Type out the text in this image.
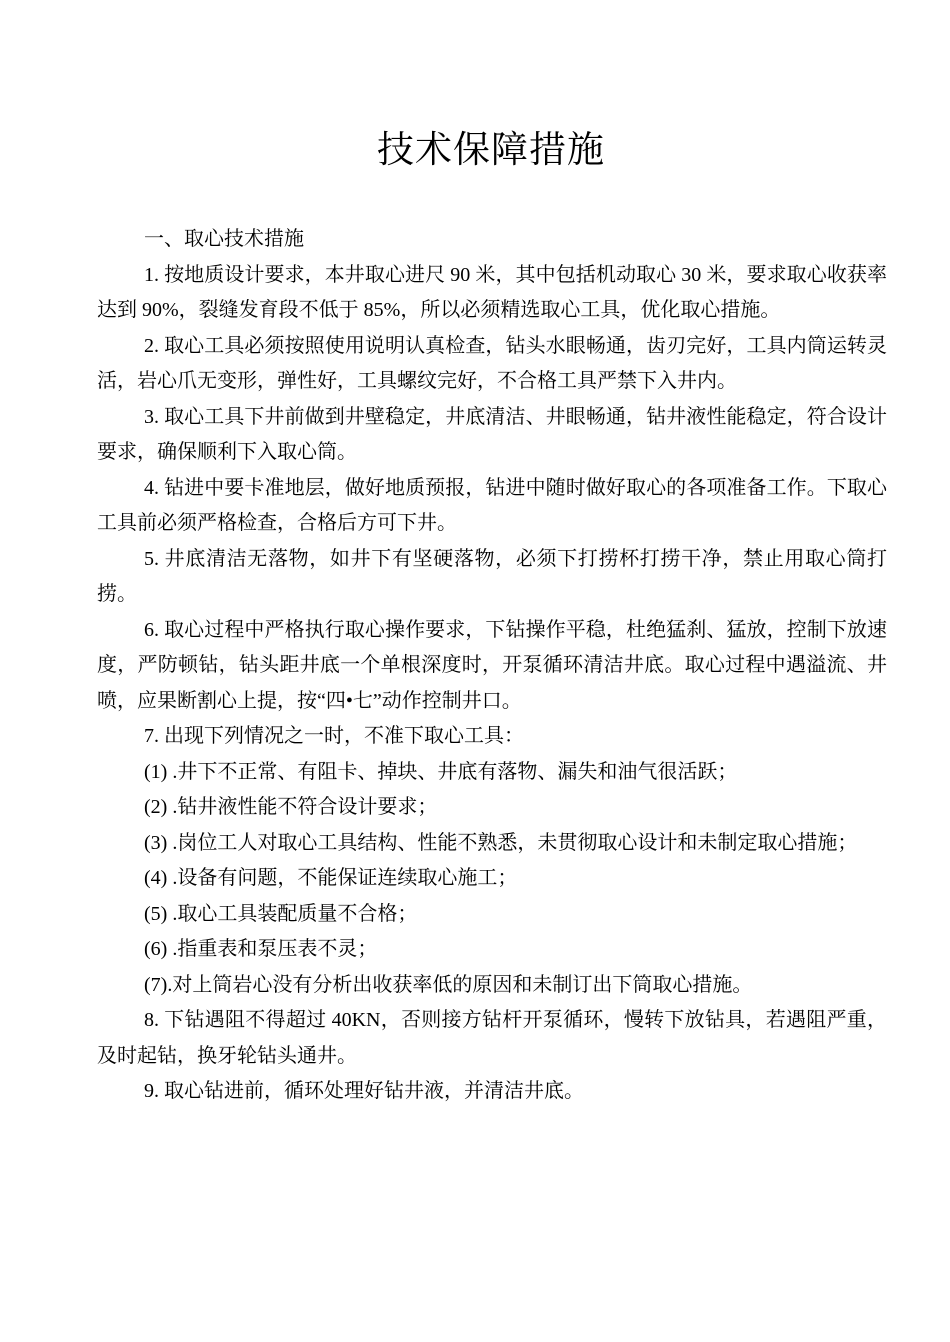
技术保障措施

一、取心技术措施

1. 按地质设计要求，本井取心进尺 90 米，其中包括机动取心 30 米，要求取心收获率达到 90%，裂缝发育段不低于 85%，所以必须精选取心工具，优化取心措施。

2. 取心工具必须按照使用说明认真检查，钻头水眼畅通，齿刃完好，工具内筒运转灵活，岩心爪无变形，弹性好，工具螺纹完好，不合格工具严禁下入井内。

3. 取心工具下井前做到井壁稳定，井底清洁、井眼畅通，钻井液性能稳定，符合设计要求，确保顺利下入取心筒。

4. 钻进中要卡准地层，做好地质预报，钻进中随时做好取心的各项准备工作。下取心工具前必须严格检查，合格后方可下井。

5. 井底清洁无落物，如井下有坚硬落物，必须下打捞杯打捞干净，禁止用取心筒打捞。

6. 取心过程中严格执行取心操作要求，下钻操作平稳，杜绝猛刹、猛放，控制下放速度，严防顿钻，钻头距井底一个单根深度时，开泵循环清洁井底。取心过程中遇溢流、井喷，应果断割心上提，按“四•七”动作控制井口。

7. 出现下列情况之一时，不准下取心工具：

(1) .井下不正常、有阻卡、掉块、井底有落物、漏失和油气很活跃；

(2) .钻井液性能不符合设计要求；

(3) .岗位工人对取心工具结构、性能不熟悉，未贯彻取心设计和未制定取心措施；

(4) .设备有问题，不能保证连续取心施工；

(5) .取心工具装配质量不合格；

(6) .指重表和泵压表不灵；

(7).对上筒岩心没有分析出收获率低的原因和未制订出下筒取心措施。

8. 下钻遇阻不得超过 40KN，否则接方钻杆开泵循环，慢转下放钻具，若遇阻严重，及时起钻，换牙轮钻头通井。

9. 取心钻进前，循环处理好钻井液，并清洁井底。
